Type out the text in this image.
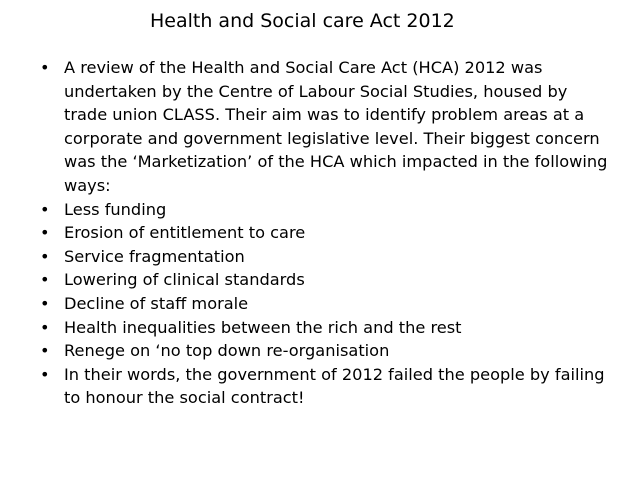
Health and Social care Act 2012
• A review of the Health and Social Care Act (HCA) 2012 was undertaken by the Centre of Labour Social Studies, housed by trade union CLASS. Their aim was to identify problem areas at a corporate and government legislative level. Their biggest concern was the ‘Marketization’ of the HCA which impacted in the following ways:
• Less funding
• Erosion of entitlement to care
• Service fragmentation
• Lowering of clinical standards
• Decline of staff morale
• Health inequalities between the rich and the rest
• Renege on ‘no top down re-organisation
• In their words, the government of 2012 failed the people by failing to honour the social contract!
